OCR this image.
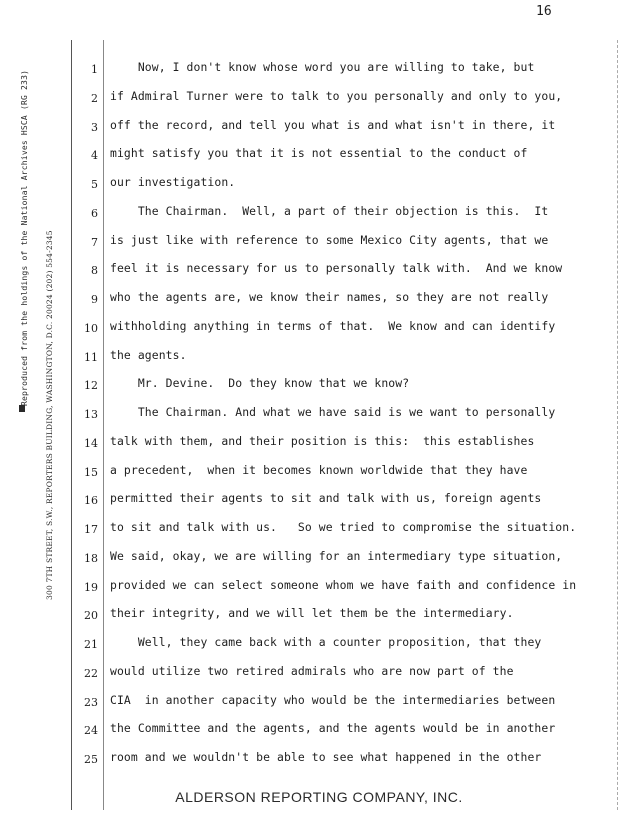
16
Reproduced from the holdings of the National Archives HSCA (RG 233) 300 7TH STREET, S.W., REPORTERS BUILDING, WASHINGTON, D.C. 20024 (202) 554-2345
1 Now, I don't know whose word you are willing to take, but
2 if Admiral Turner were to talk to you personally and only to you,
3 off the record, and tell you what is and what isn't in there, it
4 might satisfy you that it is not essential to the conduct of
5 our investigation.
6 The Chairman.  Well, a part of their objection is this.  It
7 is just like with reference to some Mexico City agents, that we
8 feel it is necessary for us to personally talk with.  And we know
9 who the agents are, we know their names, so they are not really
10 withholding anything in terms of that.  We know and can identify
11 the agents.
12 Mr. Devine.  Do they know that we know?
13 The Chairman. And what we have said is we want to personally
14 talk with them, and their position is this:  this establishes
15 a precedent,  when it becomes known worldwide that they have
16 permitted their agents to sit and talk with us, foreign agents
17 to sit and talk with us.   So we tried to compromise the situation.
18 We said, okay, we are willing for an intermediary type situation,
19 provided we can select someone whom we have faith and confidence in
20 their integrity, and we will let them be the intermediary.
21 Well, they came back with a counter proposition, that they
22 would utilize two retired admirals who are now part of the
23 CIA  in another capacity who would be the intermediaries between
24 the Committee and the agents, and the agents would be in another
25 room and we wouldn't be able to see what happened in the other
ALDERSON REPORTING COMPANY, INC.
